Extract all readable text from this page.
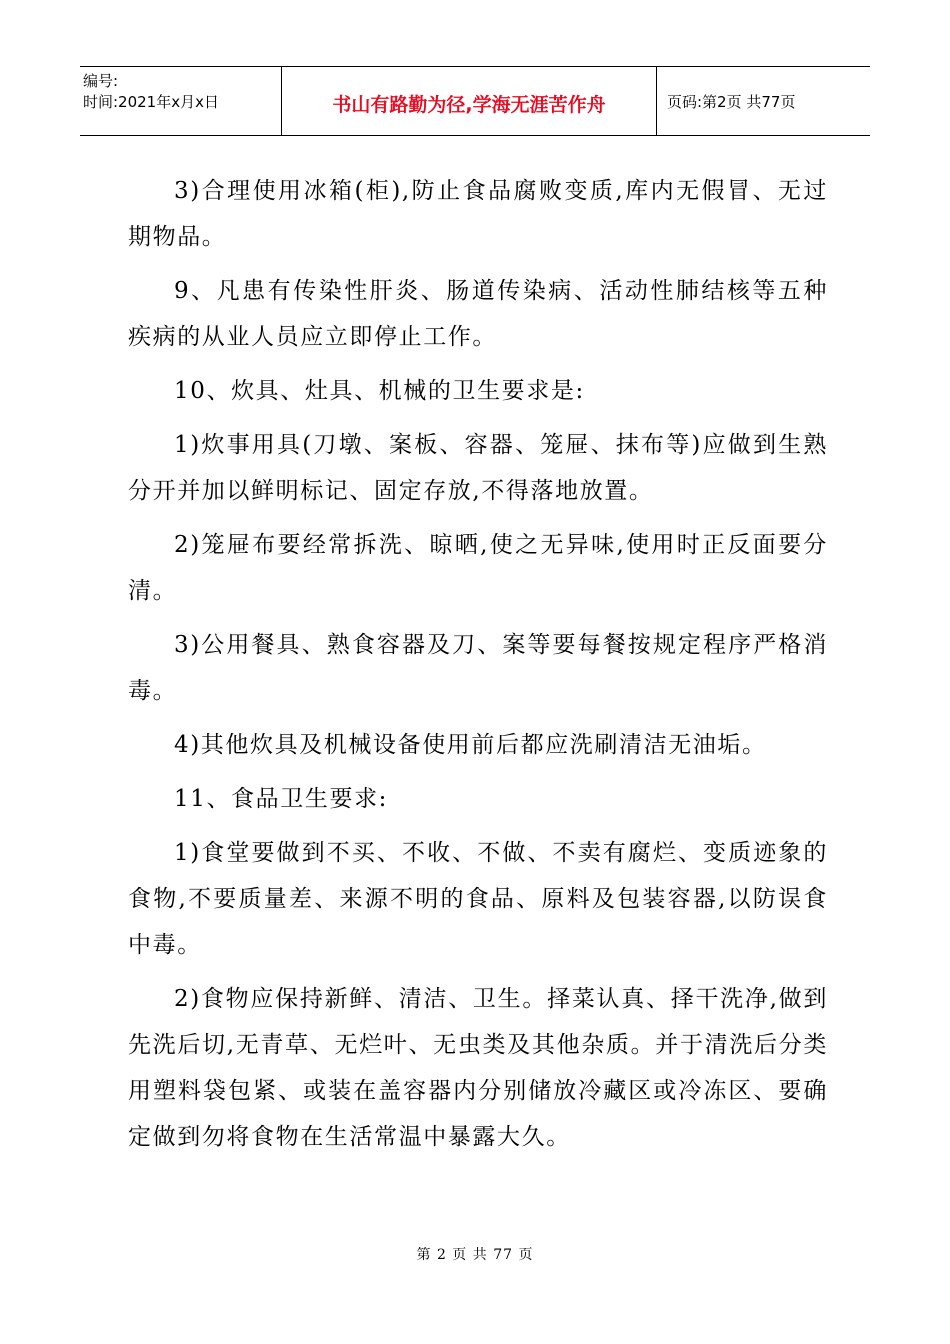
编号:
时间:2021年x月x日	书山有路勤为径,学海无涯苦作舟	页码:第2页 共77页

3)合理使用冰箱(柜),防止食品腐败变质,库内无假冒、无过期物品。

9、凡患有传染性肝炎、肠道传染病、活动性肺结核等五种疾病的从业人员应立即停止工作。

10、炊具、灶具、机械的卫生要求是:

1)炊事用具(刀墩、案板、容器、笼屉、抹布等)应做到生熟分开并加以鲜明标记、固定存放,不得落地放置。

2)笼屉布要经常拆洗、晾晒,使之无异味,使用时正反面要分清。

3)公用餐具、熟食容器及刀、案等要每餐按规定程序严格消毒。

4)其他炊具及机械设备使用前后都应洗刷清洁无油垢。

11、食品卫生要求:

1)食堂要做到不买、不收、不做、不卖有腐烂、变质迹象的食物,不要质量差、来源不明的食品、原料及包装容器,以防误食中毒。

2)食物应保持新鲜、清洁、卫生。择菜认真、择干洗净,做到先洗后切,无青草、无烂叶、无虫类及其他杂质。并于清洗后分类用塑料袋包紧、或装在盖容器内分别储放冷藏区或冷冻区、要确定做到勿将食物在生活常温中暴露大久。

第 2 页 共 77 页
